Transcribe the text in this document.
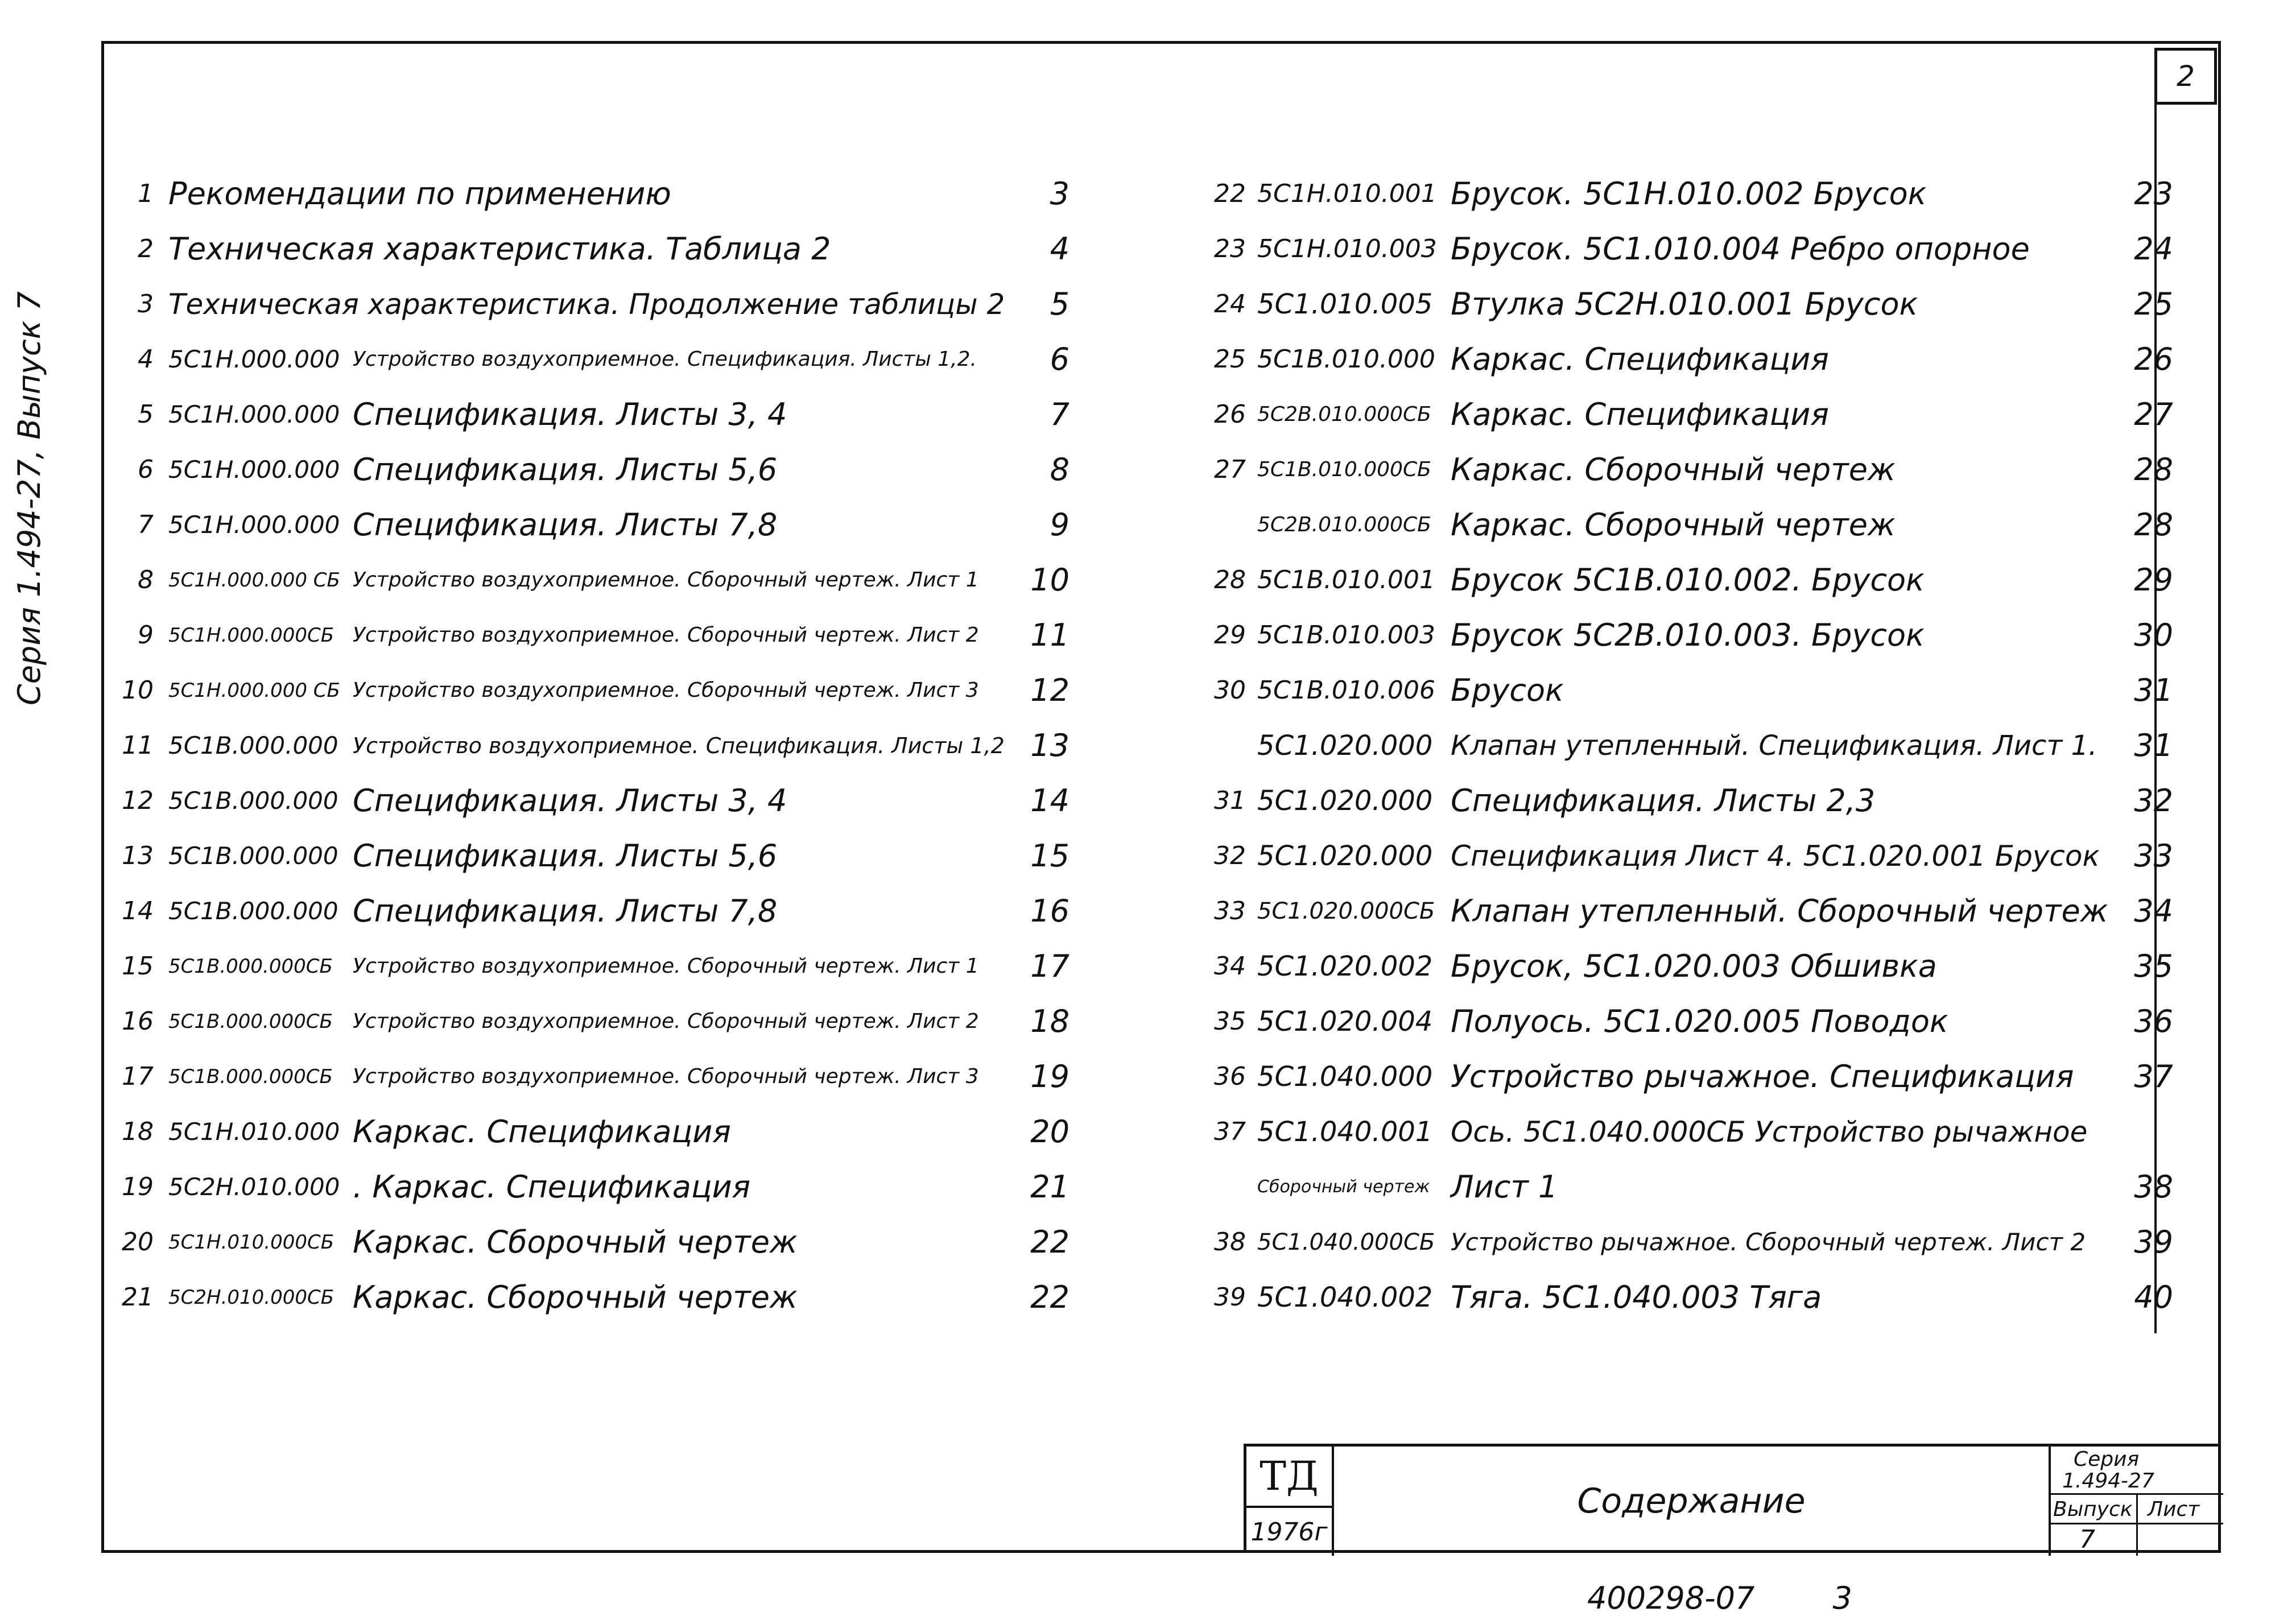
2
Серия 1.494-27, Выпуск 7
1 Рекомендации по применению	3
2 Техническая характеристика. Таблица 2	4
3 Техническая характеристика. Продолжение таблицы 2	5
4 5С1Н.000.000 Устройство воздухоприемное. Спецификация. Листы 1,2.	6
5 5С1Н.000.000 Спецификация. Листы 3, 4	7
6 5С1Н.000.000 Спецификация. Листы 5,6	8
7 5С1Н.000.000 Спецификация. Листы 7,8	9
8 5С1Н.000.000 СБ Устройство воздухоприемное. Сборочный чертеж. Лист 1 10
9 5С1Н.000.000СБ Устройство воздухоприемное. Сборочный чертеж. Лист 2 11
10 5С1Н.000.000 СБ Устройство воздухоприемное. Сборочный чертеж. Лист 3 12
11 5С1В.000.000 Устройство воздухоприемное. Спецификация. Листы 1,2 13
12 5С1В.000.000 Спецификация. Листы 3, 4	14
13 5С1В.000.000 Спецификация. Листы 5,6	15
14 5С1В.000.000 Спецификация. Листы 7,8	16
15 5С1В.000.000СБ Устройство воздухоприемное. Сборочный чертеж. Лист 1 17
16 5С1В.000.000СБ Устройство воздухоприемное. Сборочный чертеж. Лист 2 18
17 5С1В.000.000СБ Устройство воздухоприемное. Сборочный чертеж. Лист 3 19
18 5С1Н.010.000 Каркас. Спецификация	20
19 5С2Н.010.000 . Каркас. Спецификация	21
20 5С1Н.010.000СБ Каркас. Сборочный чертеж	22
21 5С2Н.010.000СБ Каркас. Сборочный чертеж	22
22 5С1Н.010.001 Брусок. 5С1Н.010.002 Брусок	23
23 5С1Н.010.003 Брусок. 5С1.010.004 Ребро опорное	24
24 5С1.010.005 Втулка 5С2Н.010.001 Брусок	25
25 5С1В.010.000 Каркас. Спецификация	26
26 5С2В.010.000СБ Каркас. Спецификация	27
27 5С1В.010.000СБ Каркас. Сборочный чертеж	28
5С2В.010.000СБ Каркас. Сборочный чертеж	28
28 5С1В.010.001 Брусок 5С1В.010.002. Брусок	29
29 5С1В.010.003 Брусок 5С2В.010.003. Брусок	30
30 5С1В.010.006 Брусок	31
5С1.020.000 Клапан утепленный. Спецификация. Лист 1. 31
31 5С1.020.000 Спецификация. Листы 2,3	32
32 5С1.020.000 Спецификация Лист 4. 5С1.020.001 Брусок 33
33 5С1.020.000СБ Клапан утепленный. Сборочный чертеж 34
34 5С1.020.002 Брусок, 5С1.020.003 Обшивка	35
35 5С1.020.004 Полуось. 5С1.020.005 Поводок	36
36 5С1.040.000 Устройство рычажное. Спецификация 37
37 5С1.040.001 Ось. 5С1.040.000СБ Устройство рычажное
Сборочный чертеж Лист 1	38
38 5С1.040.000СБ Устройство рычажное. Сборочный чертеж. Лист 2 39
39 5С1.040.002 Тяга. 5С1.040.003 Тяга	40
ТД
1976г
Содержание
Серия
1.494-27
Выпуск Лист
7
400298-07	3
